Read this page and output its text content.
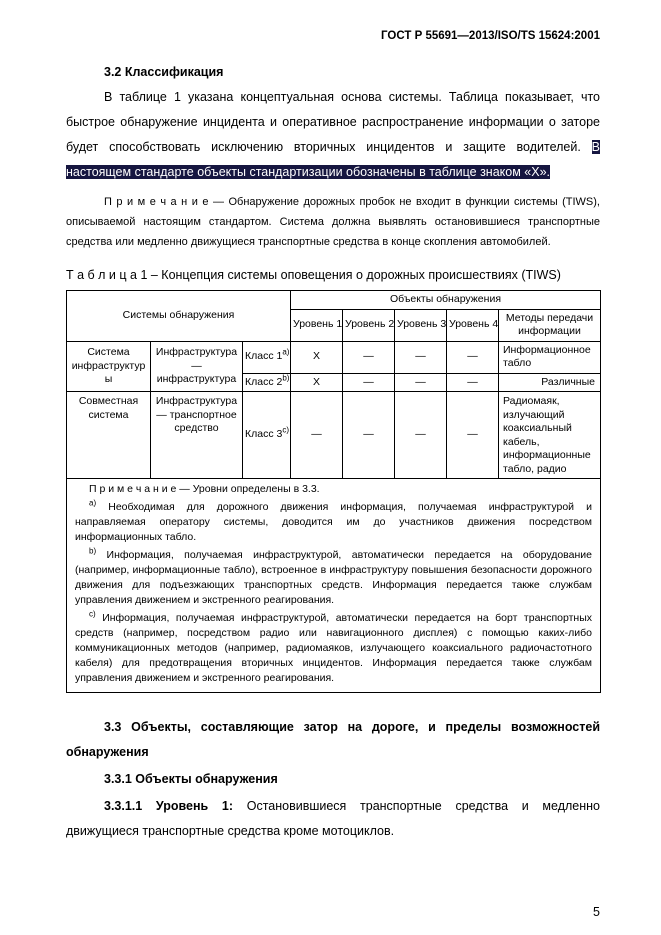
ГОСТ Р 55691—2013/ISO/TS 15624:2001

3.2 Классификация

В таблице 1 указана концептуальная основа системы. Таблица показывает, что быстрое обнаружение инцидента и оперативное распространение информации о заторе будет способствовать исключению вторичных инцидентов и защите водителей. В настоящем стандарте объекты стандартизации обозначены в таблице знаком «X».

П р и м е ч а н и е — Обнаружение дорожных пробок не входит в функции системы (TIWS), описываемой настоящим стандартом. Система должна выявлять остановившиеся транспортные средства или медленно движущиеся транспортные средства в конце скопления автомобилей.

Т а б л и ц а 1 – Концепция системы оповещения о дорожных происшествиях (TIWS)

Системы обнаружения			Объекты обнаружения				
			Уровень 1	Уровень 2	Уровень 3	Уровень 4	Методы передачи информации
Система инфраструктуры	Инфраструктура — инфраструктура	Класс 1$^{a)}$	X	—	—	—	Информационное табло
		Класс 2$^{b)}$	X	—	—	—	Различные
Совместная система	Инфраструктура — транспортное средство	Класс 3$^{c)}$	—	—	—	—	Радиомаяк, излучающий коаксиальный кабель, информационные табло, радио

П р и м е ч а н и е — Уровни определены в 3.3.

$^{a)}$ Необходимая для дорожного движения информация, получаемая инфраструктурой и направляемая оператору системы, доводится им до участников движения посредством информационных табло.

$^{b)}$ Информация, получаемая инфраструктурой, автоматически передается на оборудование (например, информационные табло), встроенное в инфраструктуру повышения безопасности дорожного движения для подъезжающих транспортных средств. Информация передается также службам управления движением и экстренного реагирования.

$^{c)}$ Информация, получаемая инфраструктурой, автоматически передается на борт транспортных средств (например, посредством радио или навигационного дисплея) с помощью каких-либо коммуникационных методов (например, радиомаяков, излучающего коаксиального радиочастотного кабеля) для предотвращения вторичных инцидентов. Информация передается также службам управления движением и экстренного реагирования.							

3.3 Объекты, составляющие затор на дороге, и пределы возможностей обнаружения

3.3.1 Объекты обнаружения

3.3.1.1 Уровень 1: Остановившиеся транспортные средства и медленно движущиеся транспортные средства кроме мотоциклов.

5
